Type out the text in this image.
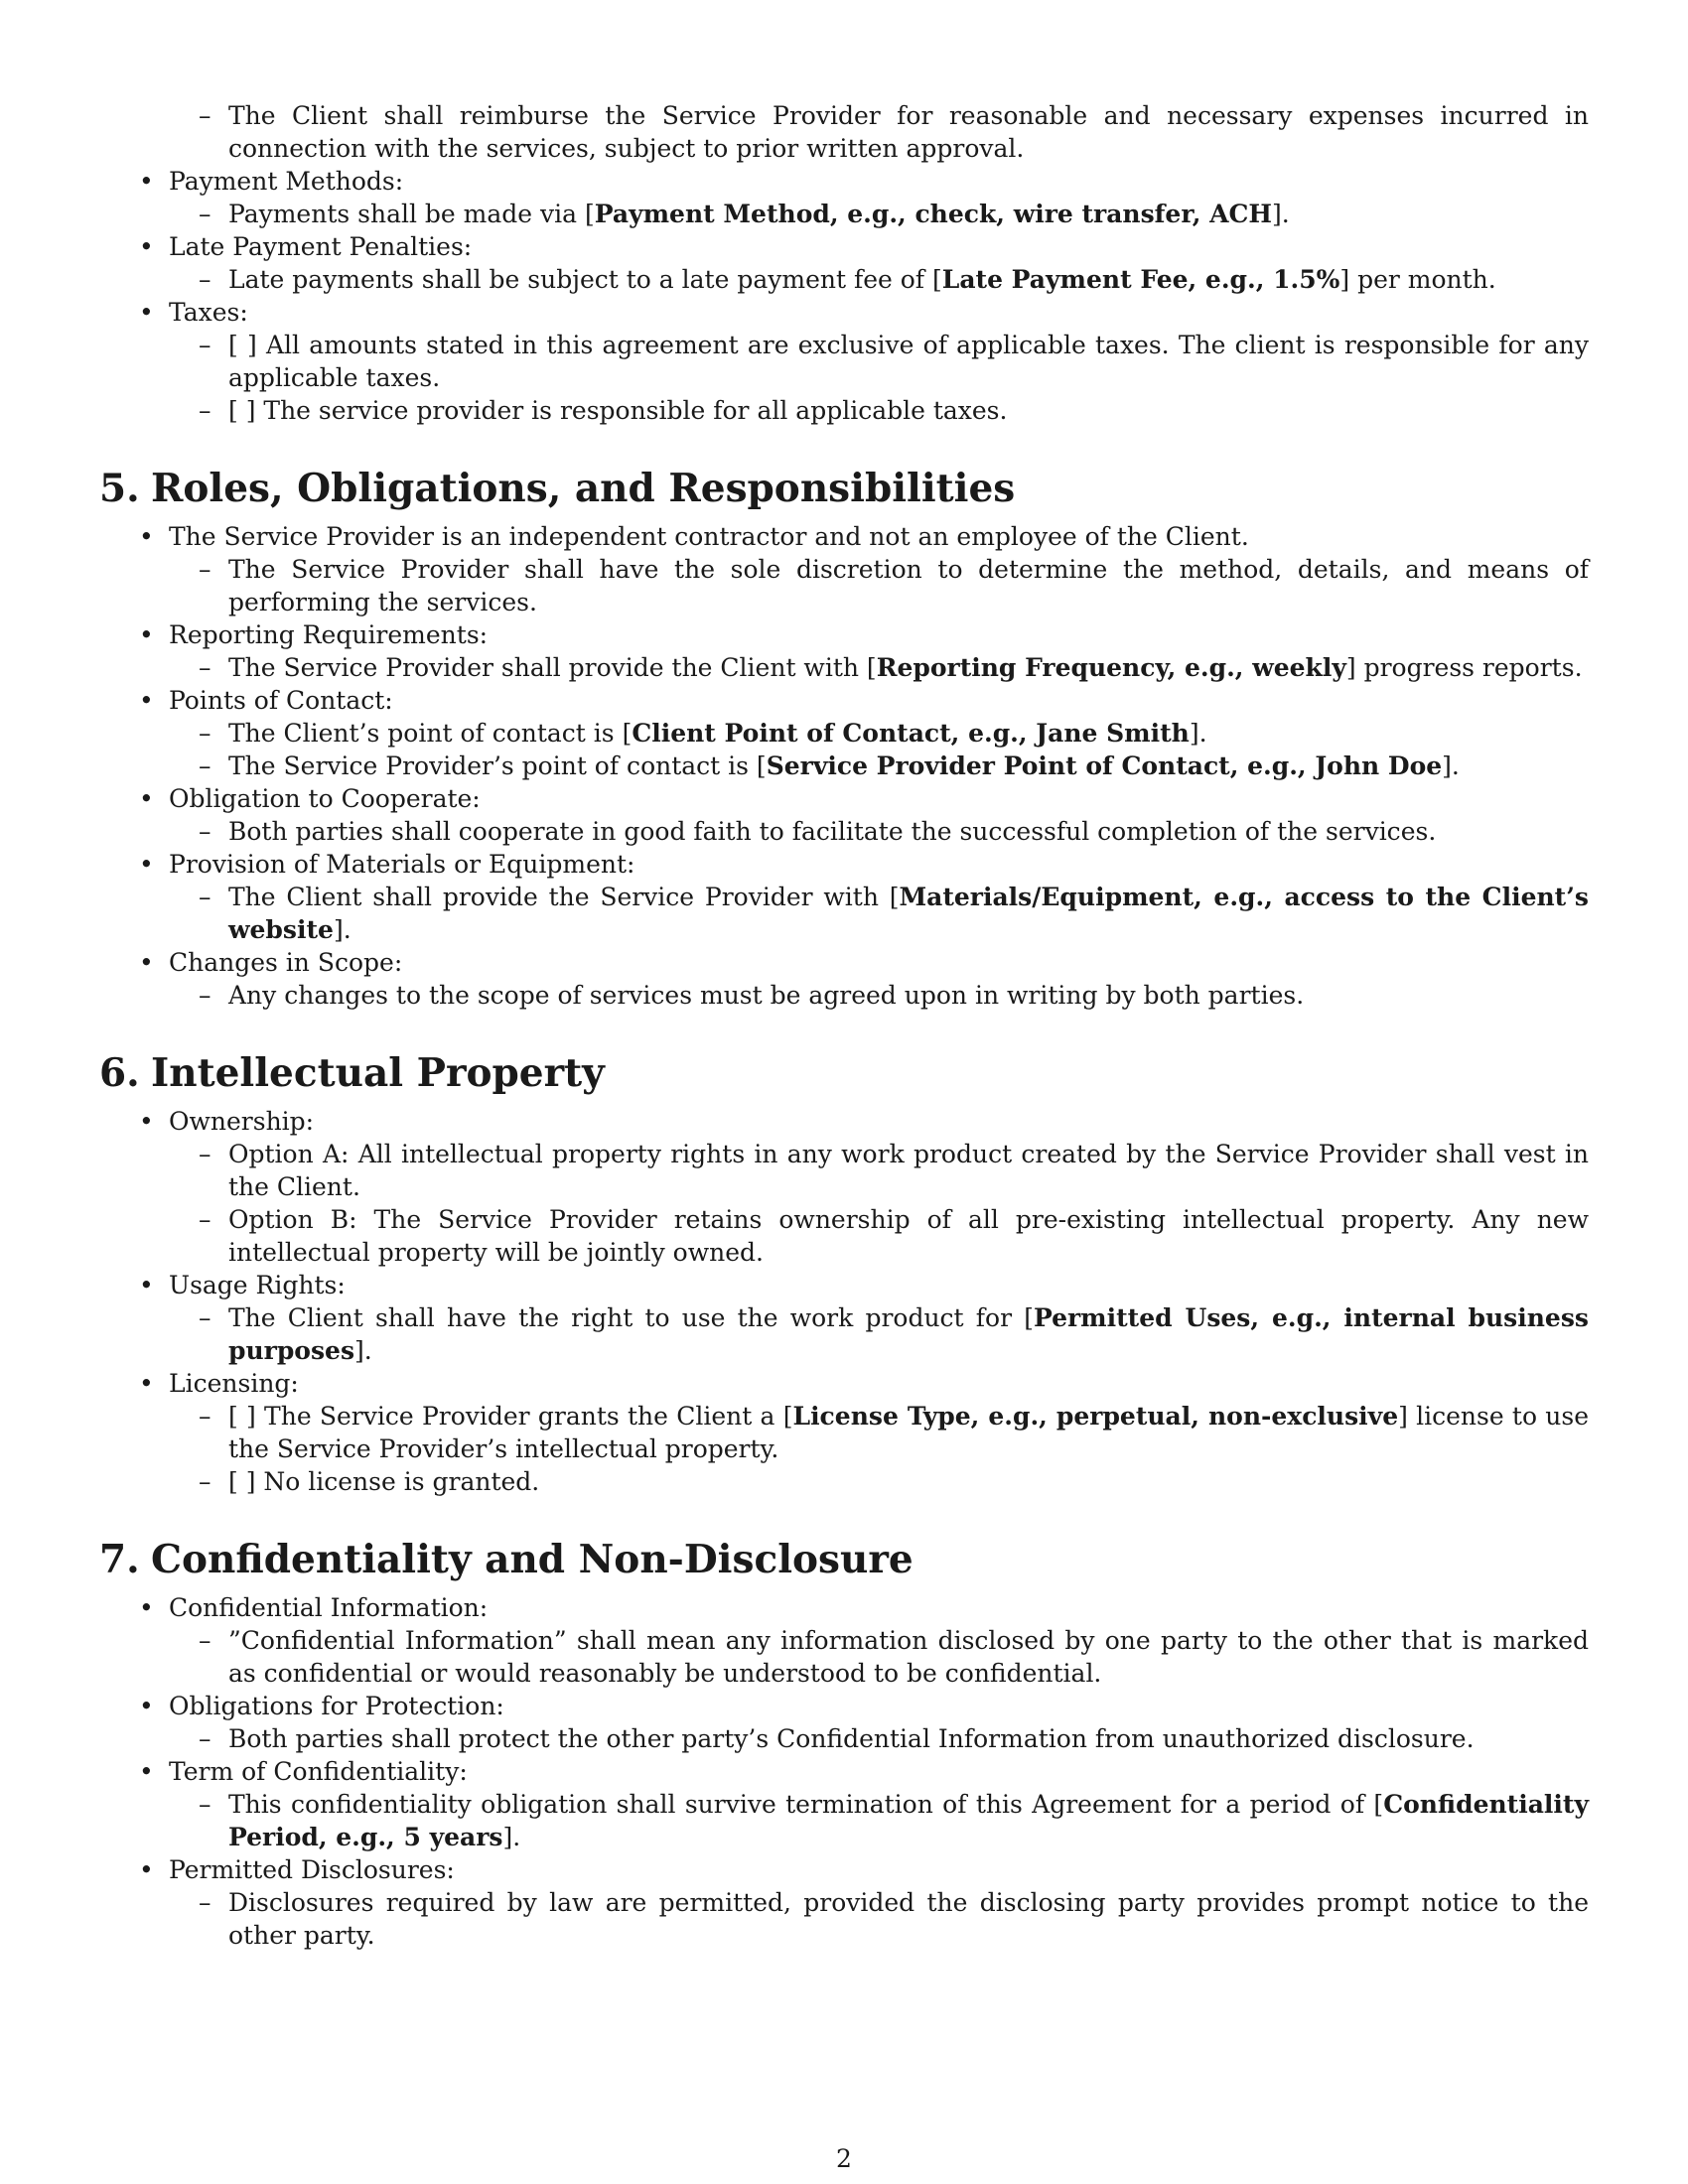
– The Client shall reimburse the Service Provider for reasonable and necessary expenses incurred in connection with the services, subject to prior written approval.
• Payment Methods:
– Payments shall be made via [Payment Method, e.g., check, wire transfer, ACH].
• Late Payment Penalties:
– Late payments shall be subject to a late payment fee of [Late Payment Fee, e.g., 1.5%] per month.
• Taxes:
– [ ] All amounts stated in this agreement are exclusive of applicable taxes. The client is responsible for any applicable taxes.
– [ ] The service provider is responsible for all applicable taxes.
5. Roles, Obligations, and Responsibilities
• The Service Provider is an independent contractor and not an employee of the Client.
– The Service Provider shall have the sole discretion to determine the method, details, and means of performing the services.
• Reporting Requirements:
– The Service Provider shall provide the Client with [Reporting Frequency, e.g., weekly] progress reports.
• Points of Contact:
– The Client’s point of contact is [Client Point of Contact, e.g., Jane Smith].
– The Service Provider’s point of contact is [Service Provider Point of Contact, e.g., John Doe].
• Obligation to Cooperate:
– Both parties shall cooperate in good faith to facilitate the successful completion of the services.
• Provision of Materials or Equipment:
– The Client shall provide the Service Provider with [Materials/Equipment, e.g., access to the Client’s website].
• Changes in Scope:
– Any changes to the scope of services must be agreed upon in writing by both parties.
6. Intellectual Property
• Ownership:
– Option A: All intellectual property rights in any work product created by the Service Provider shall vest in the Client.
– Option B: The Service Provider retains ownership of all pre-existing intellectual property. Any new intellectual property will be jointly owned.
• Usage Rights:
– The Client shall have the right to use the work product for [Permitted Uses, e.g., internal business purposes].
• Licensing:
– [ ] The Service Provider grants the Client a [License Type, e.g., perpetual, non-exclusive] license to use the Service Provider’s intellectual property.
– [ ] No license is granted.
7. Confidentiality and Non-Disclosure
• Confidential Information:
– ”Confidential Information” shall mean any information disclosed by one party to the other that is marked as confidential or would reasonably be understood to be confidential.
• Obligations for Protection:
– Both parties shall protect the other party’s Confidential Information from unauthorized disclosure.
• Term of Confidentiality:
– This confidentiality obligation shall survive termination of this Agreement for a period of [Confidentiality Period, e.g., 5 years].
• Permitted Disclosures:
– Disclosures required by law are permitted, provided the disclosing party provides prompt notice to the other party.
2
